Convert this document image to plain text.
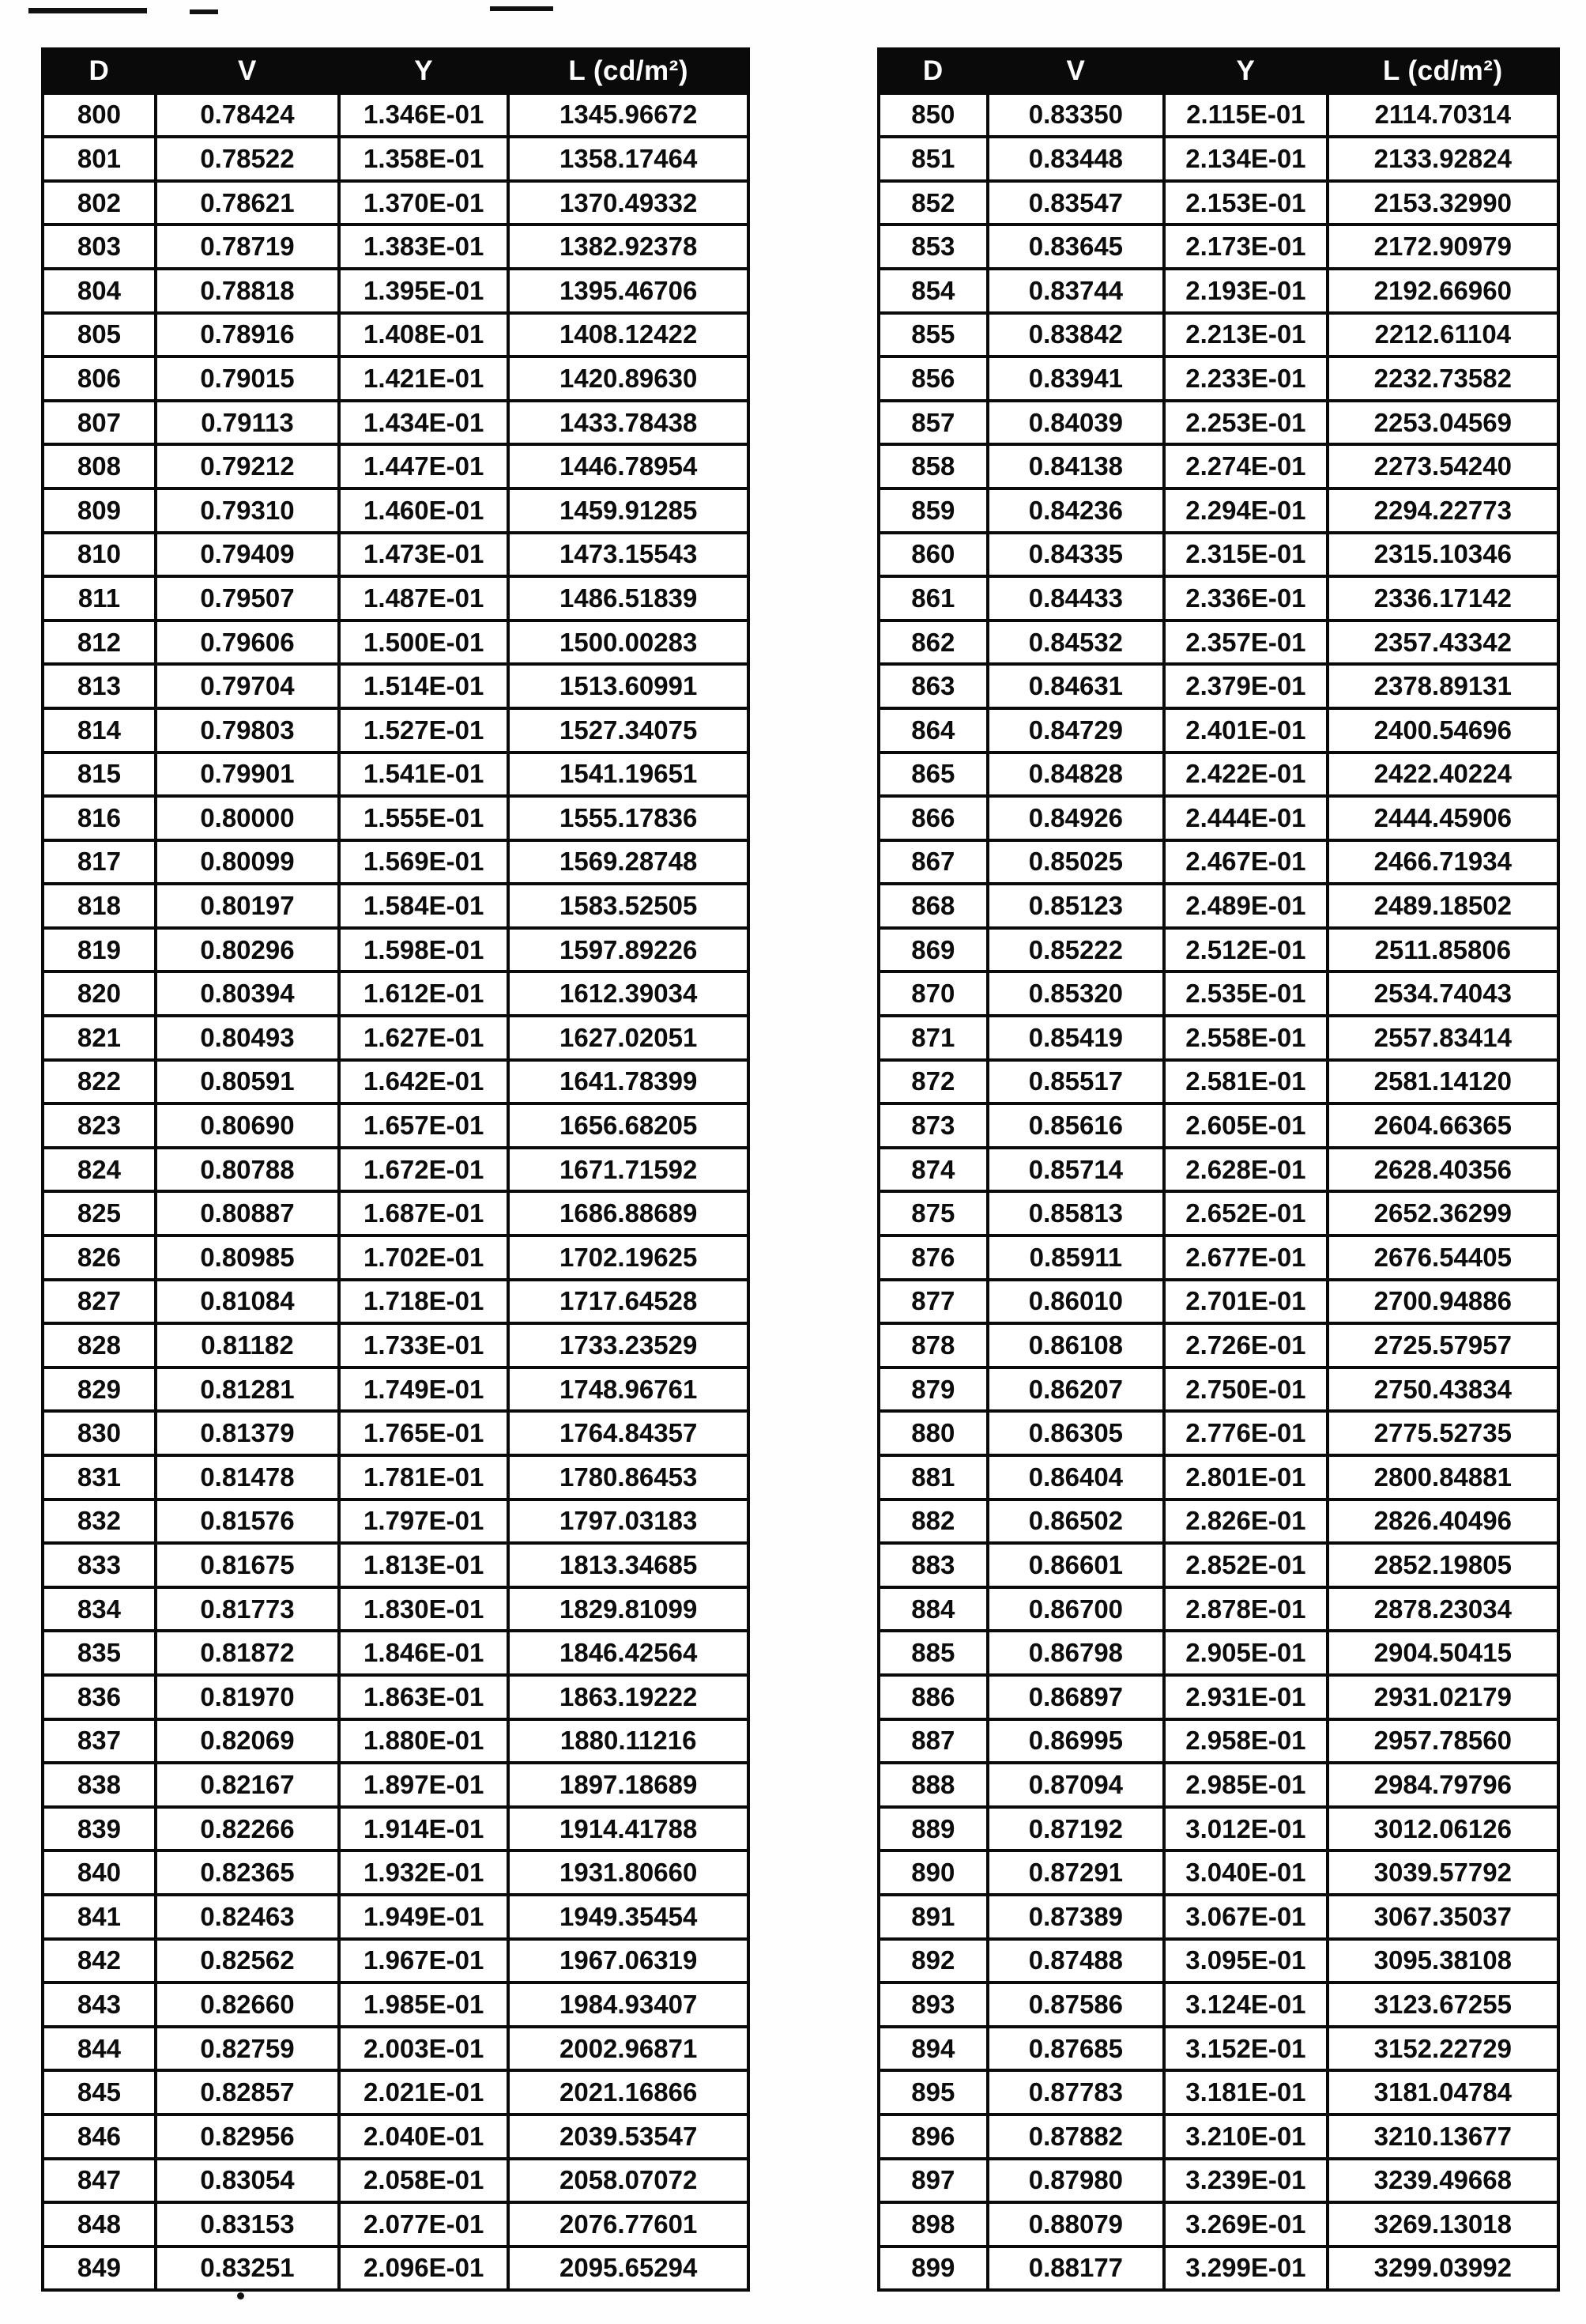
D	V	Y	L (cd/m²)
800	0.78424	1.346E-01	1345.96672
801	0.78522	1.358E-01	1358.17464
802	0.78621	1.370E-01	1370.49332
803	0.78719	1.383E-01	1382.92378
804	0.78818	1.395E-01	1395.46706
805	0.78916	1.408E-01	1408.12422
806	0.79015	1.421E-01	1420.89630
807	0.79113	1.434E-01	1433.78438
808	0.79212	1.447E-01	1446.78954
809	0.79310	1.460E-01	1459.91285
810	0.79409	1.473E-01	1473.15543
811	0.79507	1.487E-01	1486.51839
812	0.79606	1.500E-01	1500.00283
813	0.79704	1.514E-01	1513.60991
814	0.79803	1.527E-01	1527.34075
815	0.79901	1.541E-01	1541.19651
816	0.80000	1.555E-01	1555.17836
817	0.80099	1.569E-01	1569.28748
818	0.80197	1.584E-01	1583.52505
819	0.80296	1.598E-01	1597.89226
820	0.80394	1.612E-01	1612.39034
821	0.80493	1.627E-01	1627.02051
822	0.80591	1.642E-01	1641.78399
823	0.80690	1.657E-01	1656.68205
824	0.80788	1.672E-01	1671.71592
825	0.80887	1.687E-01	1686.88689
826	0.80985	1.702E-01	1702.19625
827	0.81084	1.718E-01	1717.64528
828	0.81182	1.733E-01	1733.23529
829	0.81281	1.749E-01	1748.96761
830	0.81379	1.765E-01	1764.84357
831	0.81478	1.781E-01	1780.86453
832	0.81576	1.797E-01	1797.03183
833	0.81675	1.813E-01	1813.34685
834	0.81773	1.830E-01	1829.81099
835	0.81872	1.846E-01	1846.42564
836	0.81970	1.863E-01	1863.19222
837	0.82069	1.880E-01	1880.11216
838	0.82167	1.897E-01	1897.18689
839	0.82266	1.914E-01	1914.41788
840	0.82365	1.932E-01	1931.80660
841	0.82463	1.949E-01	1949.35454
842	0.82562	1.967E-01	1967.06319
843	0.82660	1.985E-01	1984.93407
844	0.82759	2.003E-01	2002.96871
845	0.82857	2.021E-01	2021.16866
846	0.82956	2.040E-01	2039.53547
847	0.83054	2.058E-01	2058.07072
848	0.83153	2.077E-01	2076.77601
849	0.83251	2.096E-01	2095.65294
D	V	Y	L (cd/m²)
850	0.83350	2.115E-01	2114.70314
851	0.83448	2.134E-01	2133.92824
852	0.83547	2.153E-01	2153.32990
853	0.83645	2.173E-01	2172.90979
854	0.83744	2.193E-01	2192.66960
855	0.83842	2.213E-01	2212.61104
856	0.83941	2.233E-01	2232.73582
857	0.84039	2.253E-01	2253.04569
858	0.84138	2.274E-01	2273.54240
859	0.84236	2.294E-01	2294.22773
860	0.84335	2.315E-01	2315.10346
861	0.84433	2.336E-01	2336.17142
862	0.84532	2.357E-01	2357.43342
863	0.84631	2.379E-01	2378.89131
864	0.84729	2.401E-01	2400.54696
865	0.84828	2.422E-01	2422.40224
866	0.84926	2.444E-01	2444.45906
867	0.85025	2.467E-01	2466.71934
868	0.85123	2.489E-01	2489.18502
869	0.85222	2.512E-01	2511.85806
870	0.85320	2.535E-01	2534.74043
871	0.85419	2.558E-01	2557.83414
872	0.85517	2.581E-01	2581.14120
873	0.85616	2.605E-01	2604.66365
874	0.85714	2.628E-01	2628.40356
875	0.85813	2.652E-01	2652.36299
876	0.85911	2.677E-01	2676.54405
877	0.86010	2.701E-01	2700.94886
878	0.86108	2.726E-01	2725.57957
879	0.86207	2.750E-01	2750.43834
880	0.86305	2.776E-01	2775.52735
881	0.86404	2.801E-01	2800.84881
882	0.86502	2.826E-01	2826.40496
883	0.86601	2.852E-01	2852.19805
884	0.86700	2.878E-01	2878.23034
885	0.86798	2.905E-01	2904.50415
886	0.86897	2.931E-01	2931.02179
887	0.86995	2.958E-01	2957.78560
888	0.87094	2.985E-01	2984.79796
889	0.87192	3.012E-01	3012.06126
890	0.87291	3.040E-01	3039.57792
891	0.87389	3.067E-01	3067.35037
892	0.87488	3.095E-01	3095.38108
893	0.87586	3.124E-01	3123.67255
894	0.87685	3.152E-01	3152.22729
895	0.87783	3.181E-01	3181.04784
896	0.87882	3.210E-01	3210.13677
897	0.87980	3.239E-01	3239.49668
898	0.88079	3.269E-01	3269.13018
899	0.88177	3.299E-01	3299.03992
